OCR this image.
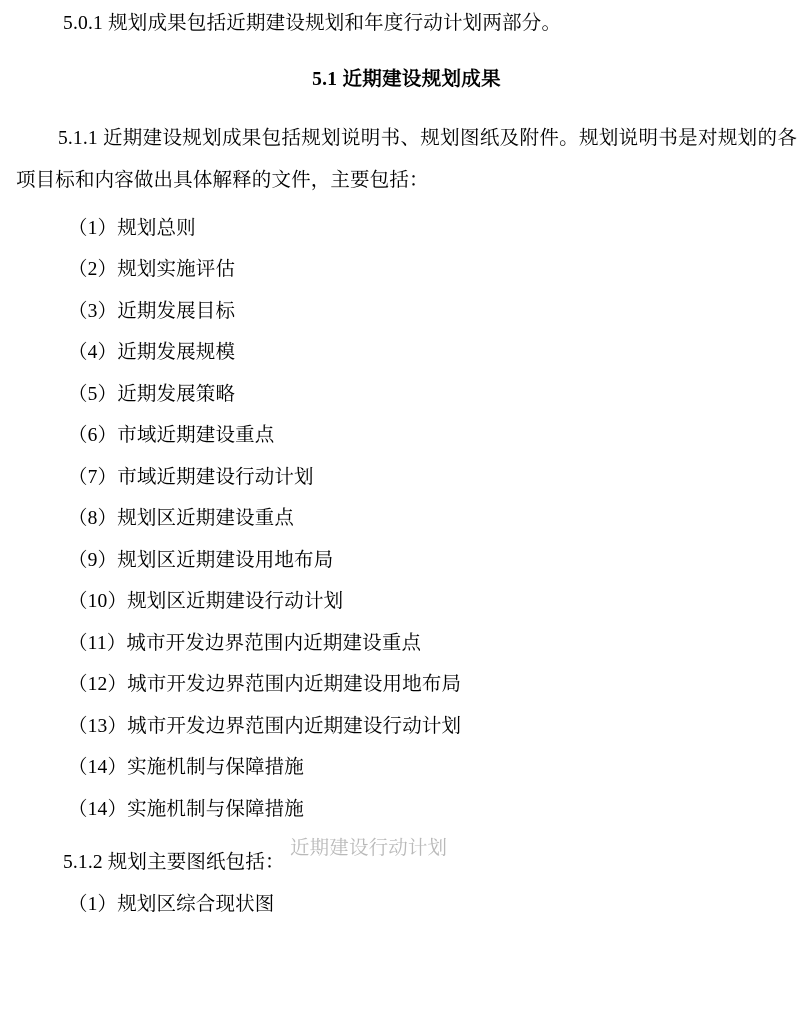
5.0.1 规划成果包括近期建设规划和年度行动计划两部分。

5.1 近期建设规划成果
5.1.1 近期建设规划成果包括规划说明书、规划图纸及附件。规划说明书是对规划的各项目标和内容做出具体解释的文件，主要包括：
（1）规划总则
（2）规划实施评估
（3）近期发展目标
（4）近期发展规模
（5）近期发展策略
（6）市域近期建设重点
（7）市域近期建设行动计划
（8）规划区近期建设重点
（9）规划区近期建设用地布局
（10）规划区近期建设行动计划
（11）城市开发边界范围内近期建设重点
（12）城市开发边界范围内近期建设用地布局
（13）城市开发边界范围内近期建设行动计划
（14）实施机制与保障措施
（14）实施机制与保障措施
近期建设行动计划

5.1.2 规划主要图纸包括：

（1）规划区综合现状图
